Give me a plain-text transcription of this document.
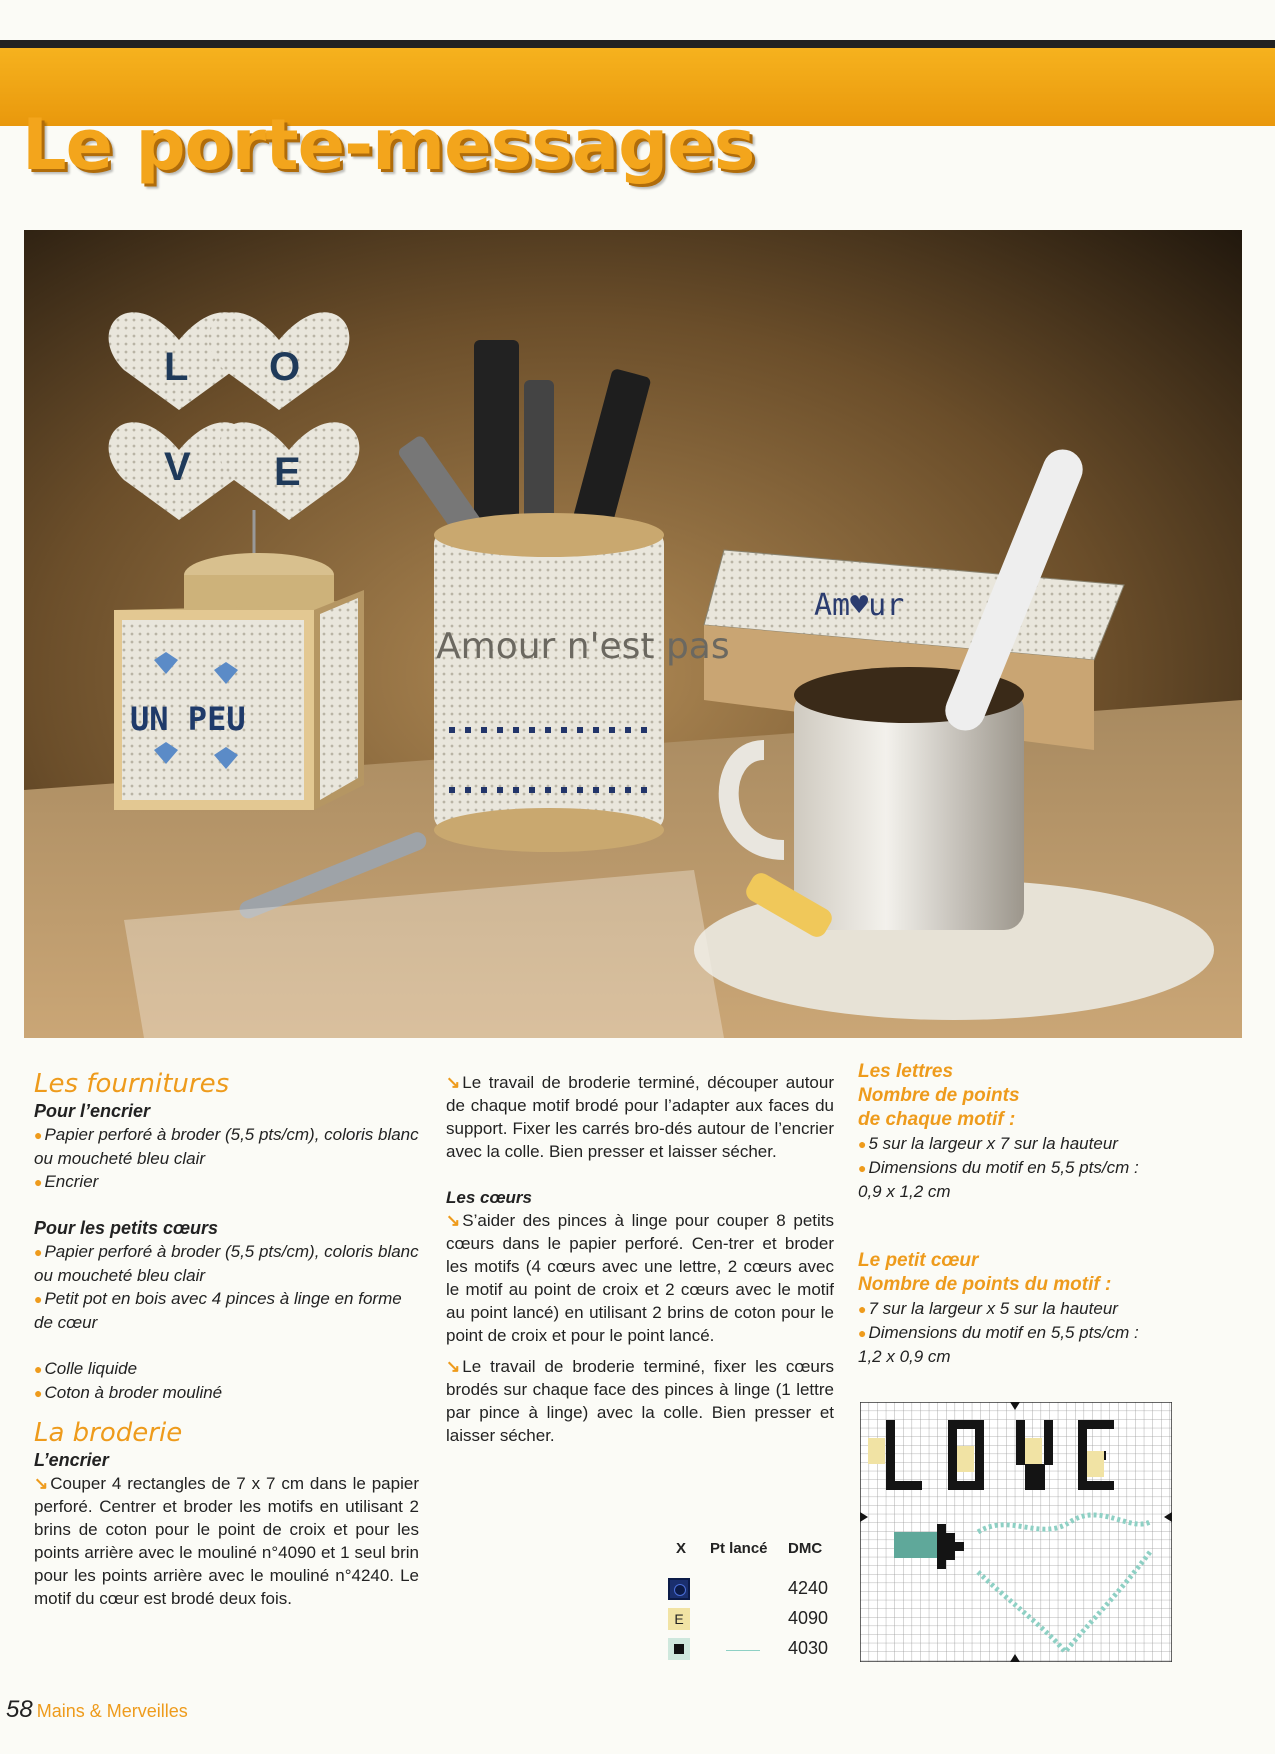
Le porte-messages
Am♥ur
L O
V E
UN PEU
Amour n'est pas
Les fournitures
Pour l’encrier

● Papier perforé à broder (5,5 pts/cm), coloris blanc ou moucheté bleu clair

● Encrier

Pour les petits cœurs

● Papier perforé à broder (5,5 pts/cm), coloris blanc ou moucheté bleu clair

● Petit pot en bois avec 4 pinces à linge en forme de cœur

● Colle liquide

● Coton à broder mouliné

La broderie
L’encrier

↘ Couper 4 rectangles de 7 x 7 cm dans le papier perforé. Centrer et broder les motifs en utilisant 2 brins de coton pour le point de croix et pour les points arrière avec le mouliné n°4090 et 1 seul brin pour les points arrière avec le mouliné n°4240. Le motif du cœur est brodé deux fois.

↘ Le travail de broderie terminé, découper autour de chaque motif brodé pour l’adapter aux faces du support. Fixer les carrés bro-dés autour de l’encrier avec la colle. Bien presser et laisser sécher.

Les cœurs

↘ S’aider des pinces à linge pour couper 8 petits cœurs dans le papier perforé. Cen-trer et broder les motifs (4 cœurs avec une lettre, 2 cœurs avec le motif au point de croix et 2 cœurs avec le motif au point lancé) en utilisant 2 brins de coton pour le point de croix et pour le point lancé.

↘ Le travail de broderie terminé, fixer les cœurs brodés sur chaque face des pinces à linge (1 lettre par pince à linge) avec la colle. Bien presser et laisser sécher.

X Pt lancé DMC
4240
E	4090
4030

Les lettres

Nombre de points

de chaque motif :

● 5 sur la largeur x 7 sur la hauteur

● Dimensions du motif en 5,5 pts/cm :

0,9 x 1,2 cm

Le petit cœur

Nombre de points du motif :

● 7 sur la largeur x 5 sur la hauteur

● Dimensions du motif en 5,5 pts/cm :

1,2 x 0,9 cm

58 Mains & Merveilles
